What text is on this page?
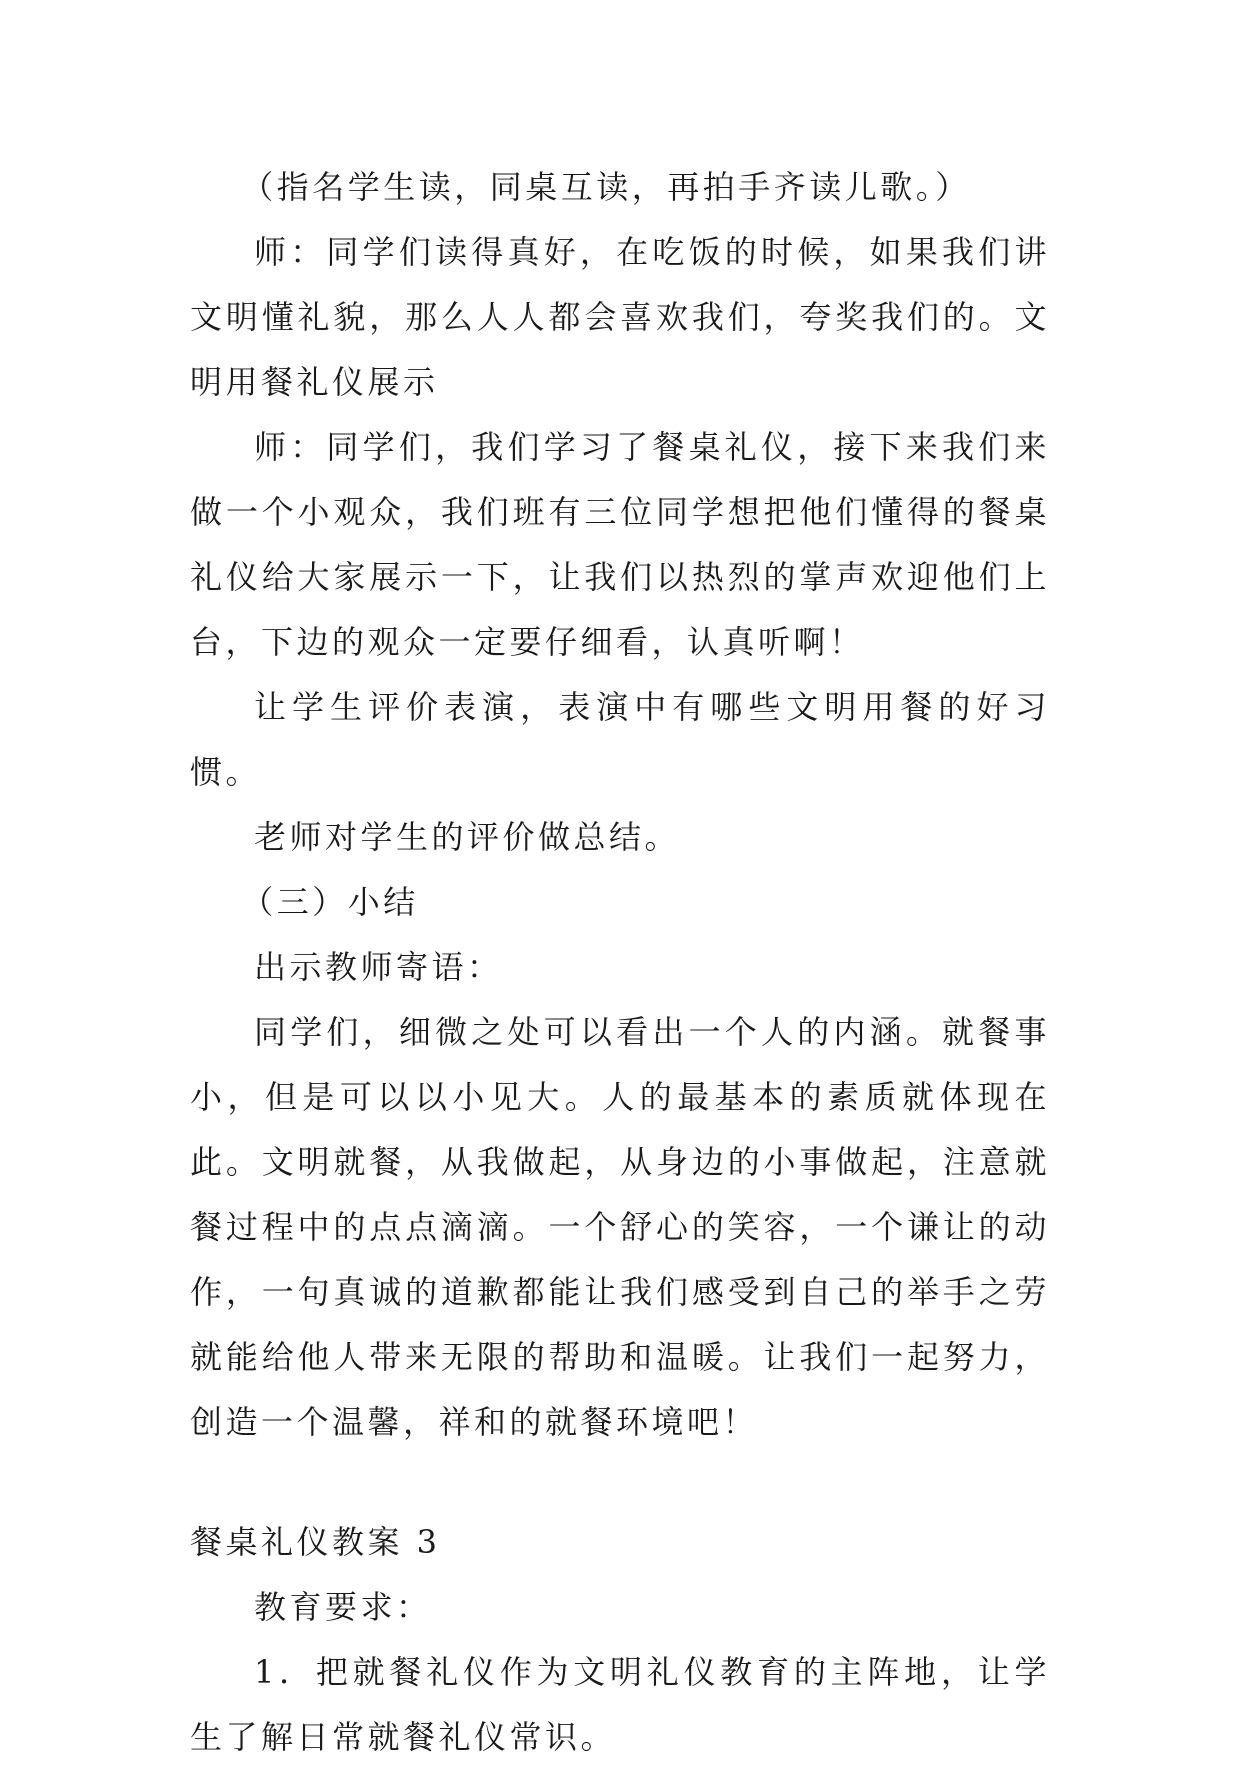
（指名学生读，同桌互读，再拍手齐读儿歌。）

师：同学们读得真好，在吃饭的时候，如果我们讲文明懂礼貌，那么人人都会喜欢我们，夸奖我们的。文明用餐礼仪展示

师：同学们，我们学习了餐桌礼仪，接下来我们来做一个小观众，我们班有三位同学想把他们懂得的餐桌礼仪给大家展示一下，让我们以热烈的掌声欢迎他们上台，下边的观众一定要仔细看，认真听啊！

让学生评价表演，表演中有哪些文明用餐的好习惯。

老师对学生的评价做总结。

（三）小结

出示教师寄语：

同学们，细微之处可以看出一个人的内涵。就餐事小，但是可以以小见大。人的最基本的素质就体现在此。文明就餐，从我做起，从身边的小事做起，注意就餐过程中的点点滴滴。一个舒心的笑容，一个谦让的动作，一句真诚的道歉都能让我们感受到自己的举手之劳就能给他人带来无限的帮助和温暖。让我们一起努力，创造一个温馨，祥和的就餐环境吧！

餐桌礼仪教案 3

教育要求：

1．把就餐礼仪作为文明礼仪教育的主阵地，让学生了解日常就餐礼仪常识。
